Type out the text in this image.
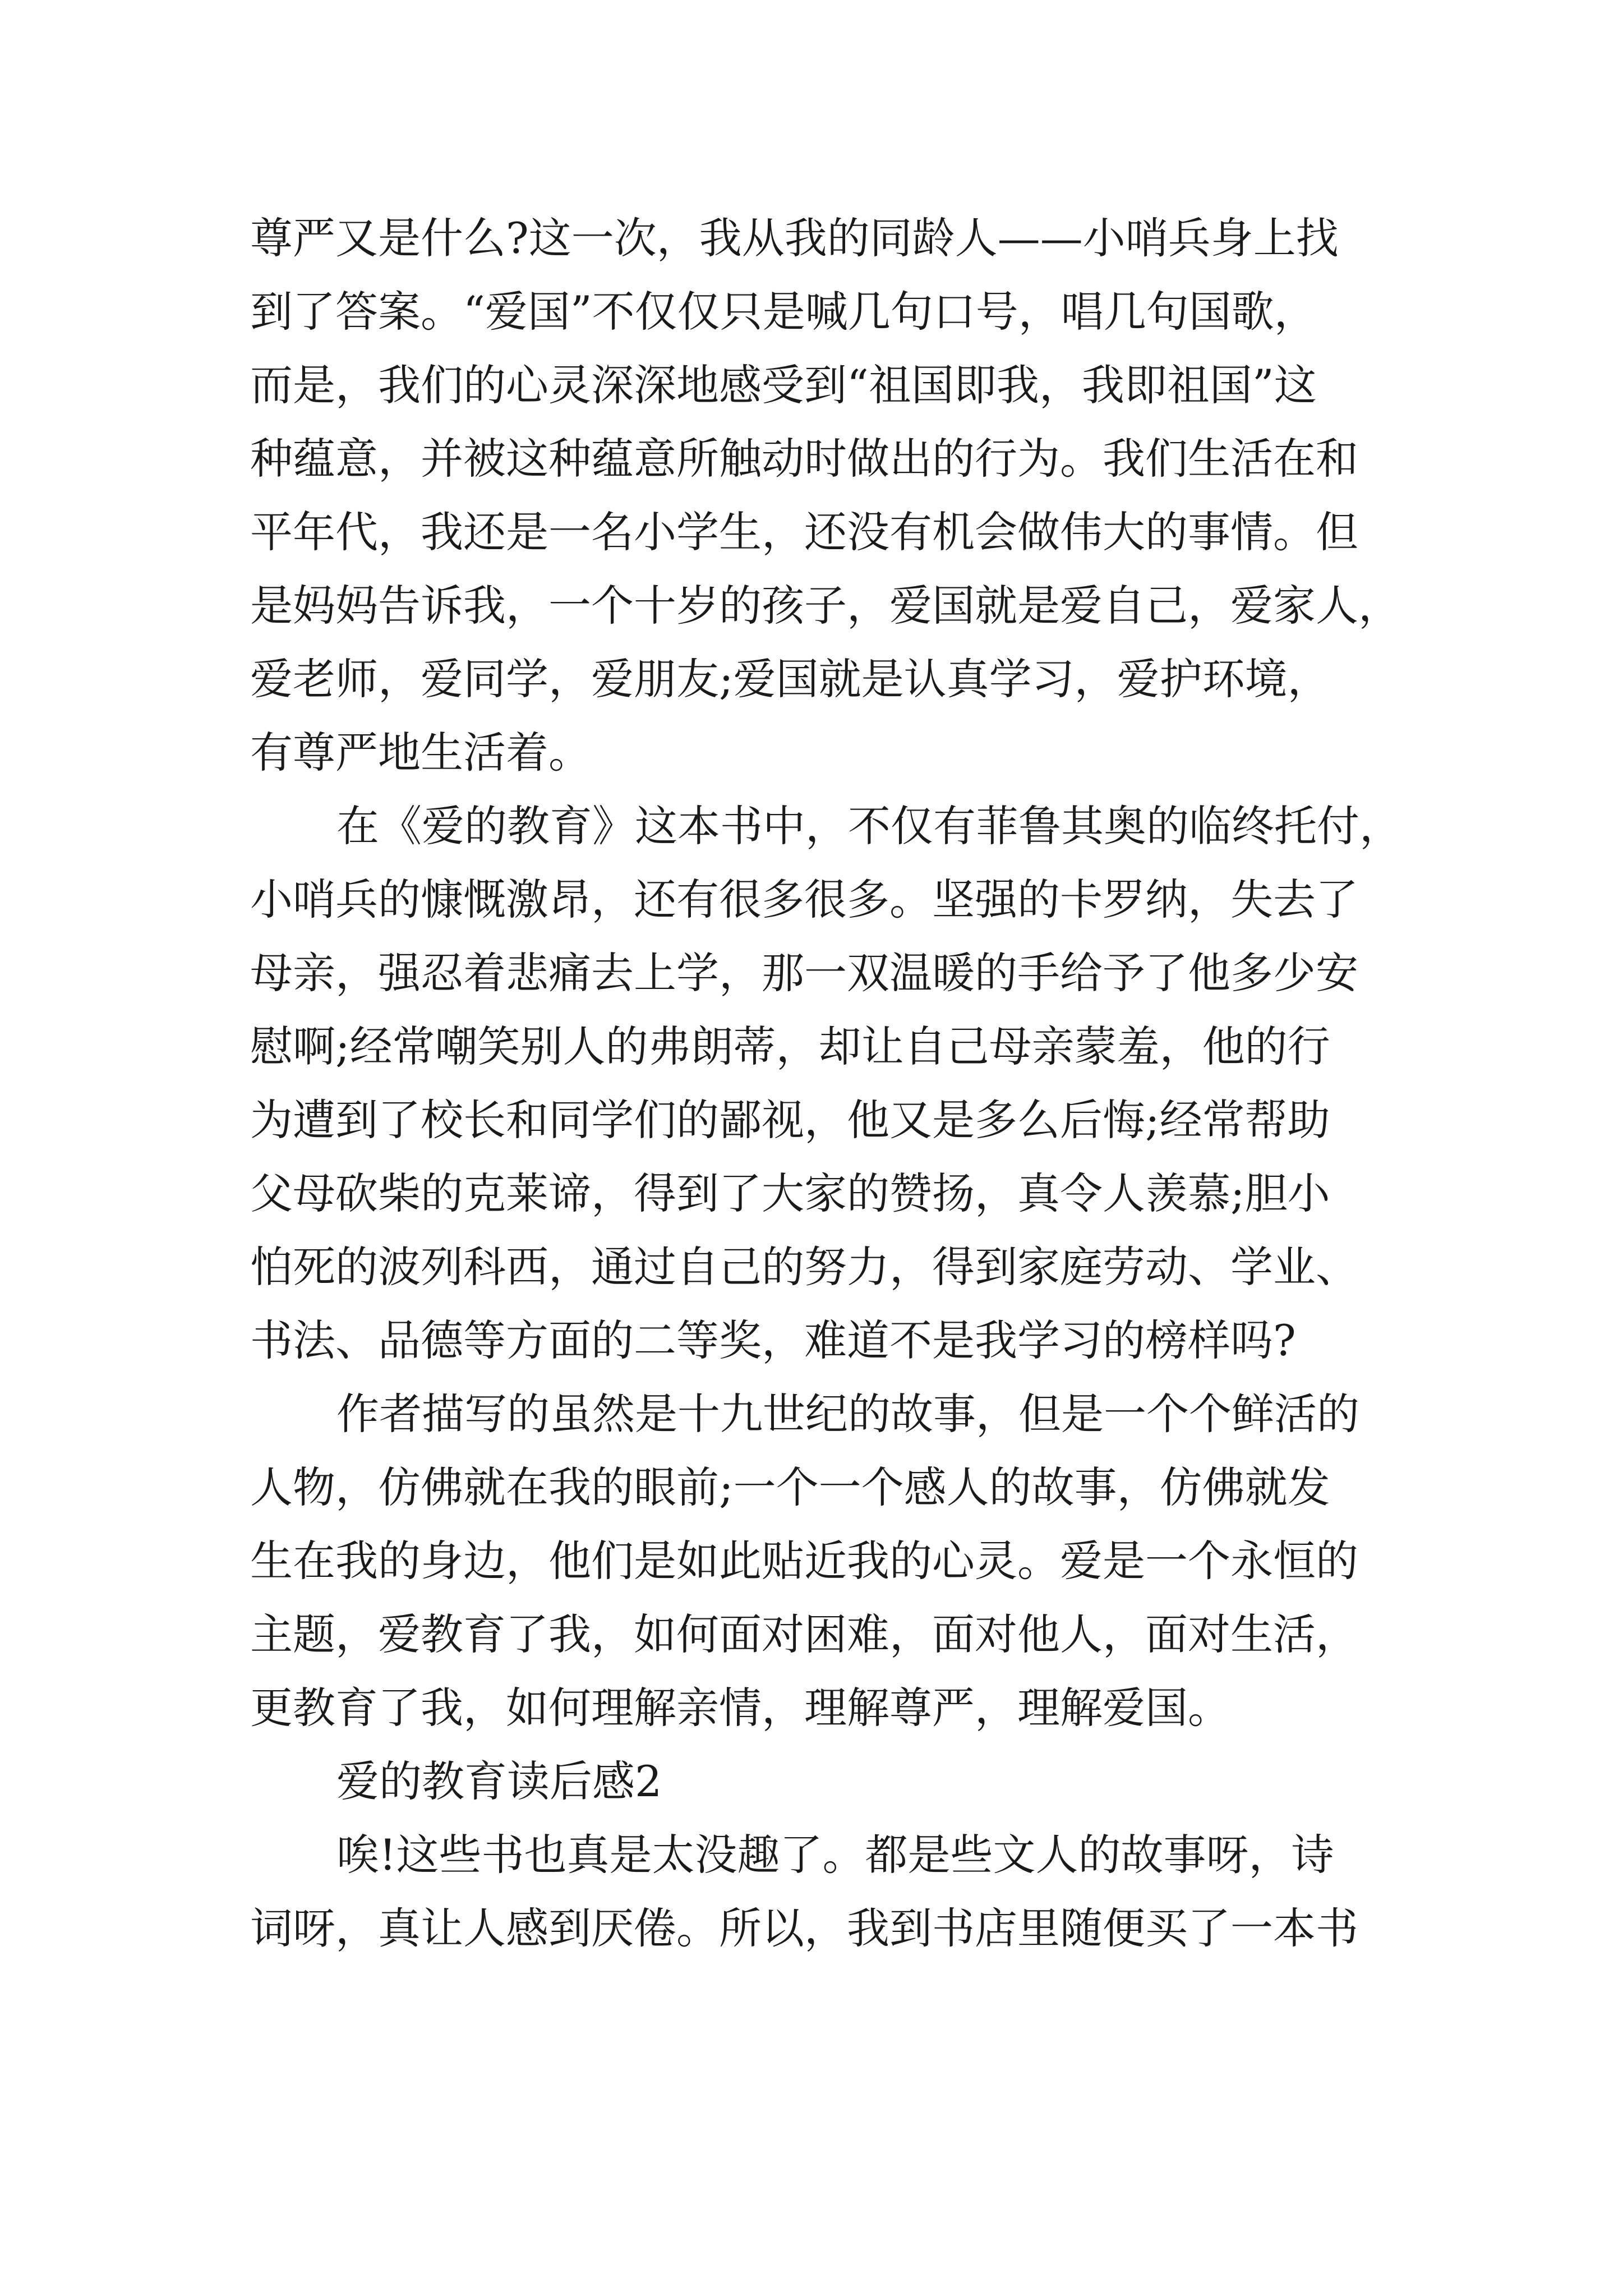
尊严又是什么?这一次，我从我的同龄人——小哨兵身上找
到了答案。“爱国”不仅仅只是喊几句口号，唱几句国歌，
而是，我们的心灵深深地感受到“祖国即我，我即祖国”这
种蕴意，并被这种蕴意所触动时做出的行为。我们生活在和
平年代，我还是一名小学生，还没有机会做伟大的事情。但
是妈妈告诉我，一个十岁的孩子，爱国就是爱自己，爱家人，
爱老师，爱同学，爱朋友;爱国就是认真学习，爱护环境，
有尊严地生活着。
在《爱的教育》这本书中，不仅有菲鲁其奥的临终托付，
小哨兵的慷慨激昂，还有很多很多。坚强的卡罗纳，失去了
母亲，强忍着悲痛去上学，那一双温暖的手给予了他多少安
慰啊;经常嘲笑别人的弗朗蒂，却让自己母亲蒙羞，他的行
为遭到了校长和同学们的鄙视，他又是多么后悔;经常帮助
父母砍柴的克莱谛，得到了大家的赞扬，真令人羡慕;胆小
怕死的波列科西，通过自己的努力，得到家庭劳动、学业、
书法、品德等方面的二等奖，难道不是我学习的榜样吗?
作者描写的虽然是十九世纪的故事，但是一个个鲜活的
人物，仿佛就在我的眼前;一个一个感人的故事，仿佛就发
生在我的身边，他们是如此贴近我的心灵。爱是一个永恒的
主题，爱教育了我，如何面对困难，面对他人，面对生活，
更教育了我，如何理解亲情，理解尊严，理解爱国。
爱的教育读后感2
唉!这些书也真是太没趣了。都是些文人的故事呀，诗
词呀，真让人感到厌倦。所以，我到书店里随便买了一本书
